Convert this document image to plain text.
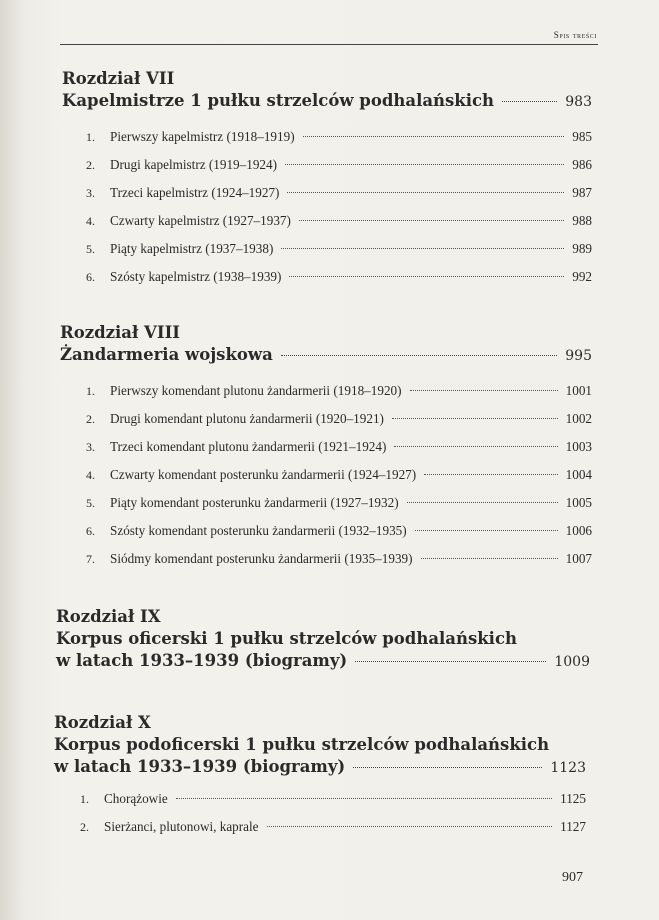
Spis treści
Rozdział VII
Kapelmistrze 1 pułku strzelców podhalańskich	983
1.	Pierwszy kapelmistrz (1918–1919)	985
2.	Drugi kapelmistrz (1919–1924)	986
3.	Trzeci kapelmistrz (1924–1927)	987
4.	Czwarty kapelmistrz (1927–1937)	988
5.	Piąty kapelmistrz (1937–1938)	989
6.	Szósty kapelmistrz (1938–1939)	992
Rozdział VIII
Żandarmeria wojskowa	995
1.	Pierwszy komendant plutonu żandarmerii (1918–1920)	1001
2.	Drugi komendant plutonu żandarmerii (1920–1921)	1002
3.	Trzeci komendant plutonu żandarmerii (1921–1924)	1003
4.	Czwarty komendant posterunku żandarmerii (1924–1927)	1004
5.	Piąty komendant posterunku żandarmerii (1927–1932)	1005
6.	Szósty komendant posterunku żandarmerii (1932–1935)	1006
7.	Siódmy komendant posterunku żandarmerii (1935–1939)	1007
Rozdział IX
Korpus oficerski 1 pułku strzelców podhalańskich
w latach 1933–1939 (biogramy)	1009
Rozdział X
Korpus podoficerski 1 pułku strzelców podhalańskich
w latach 1933–1939 (biogramy)	1123
1.	Chorążowie	1125
2.	Sierżanci, plutonowi, kaprale	1127
907
